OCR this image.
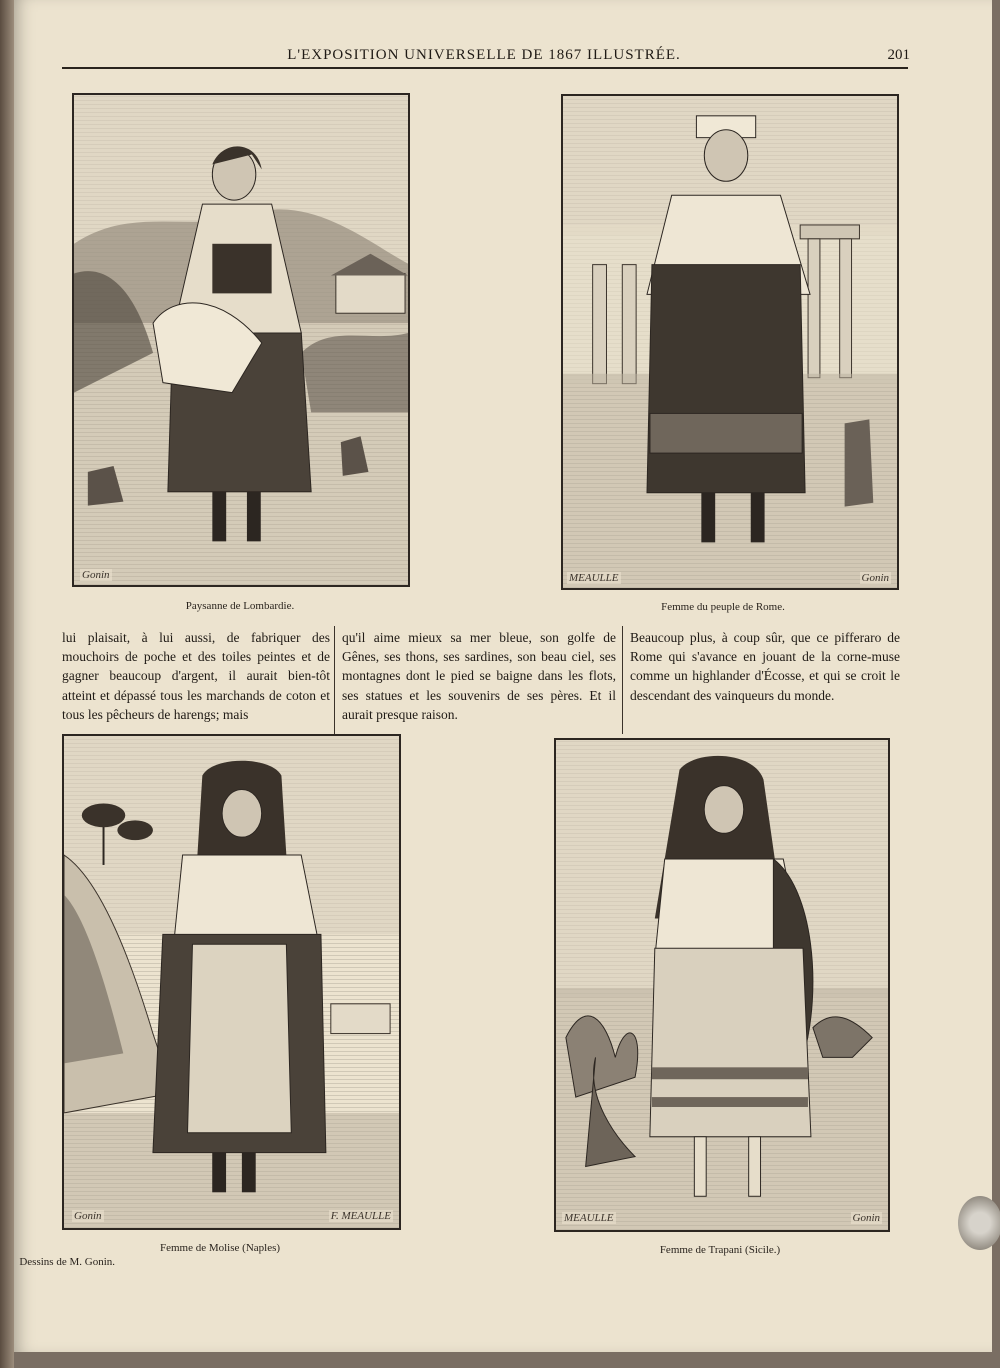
L'EXPOSITION UNIVERSELLE DE 1867 ILLUSTRÉE.	201
Gonin
Paysanne de Lombardie.
MEAULLE	Gonin
Femme du peuple de Rome.
lui plaisait, à lui aussi, de fabriquer des mouchoirs de poche et des toiles peintes et de gagner beaucoup d'argent, il aurait bien-tôt atteint et dépassé tous les marchands de coton et tous les pêcheurs de harengs; mais
qu'il aime mieux sa mer bleue, son golfe de Gênes, ses thons, ses sardines, son beau ciel, ses montagnes dont le pied se baigne dans les flots, ses statues et les souvenirs de ses pères. Et il aurait presque raison.
Beaucoup plus, à coup sûr, que ce pifferaro de Rome qui s'avance en jouant de la corne-muse comme un highlander d'Écosse, et qui se croit le descendant des vainqueurs du monde.
Gonin	F. MEAULLE
Femme de Molise (Naples)
MEAULLE	Gonin
Femme de Trapani (Sicile.)
Dessins de M. Gonin.
